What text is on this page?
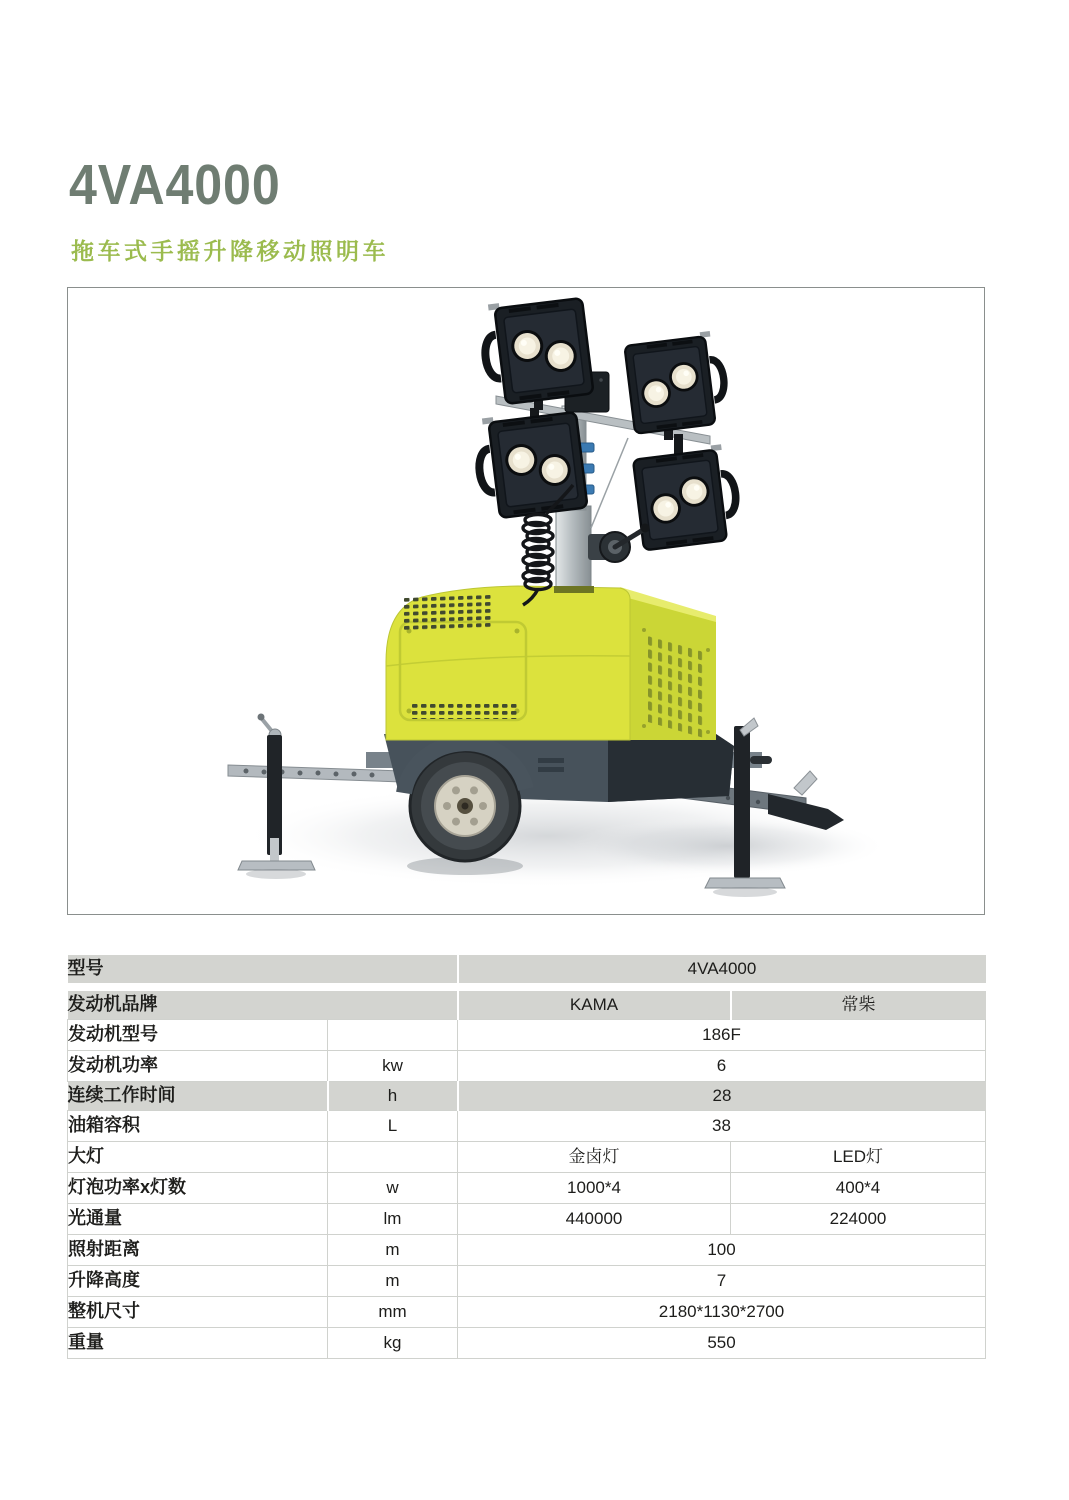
4VA4000
拖车式手摇升降移动照明车
型号		4VA4000	

发动机品牌		KAMA	常柴
发动机型号		186F	
发动机功率	kw	6	
连续工作时间	h	28	
油箱容积	L	38	
大灯		金卤灯	LED灯
灯泡功率x灯数	w	1000*4	400*4
光通量	lm	440000	224000
照射距离	m	100	
升降高度	m	7	
整机尺寸	mm	2180*1130*2700	
重量	kg	550	
